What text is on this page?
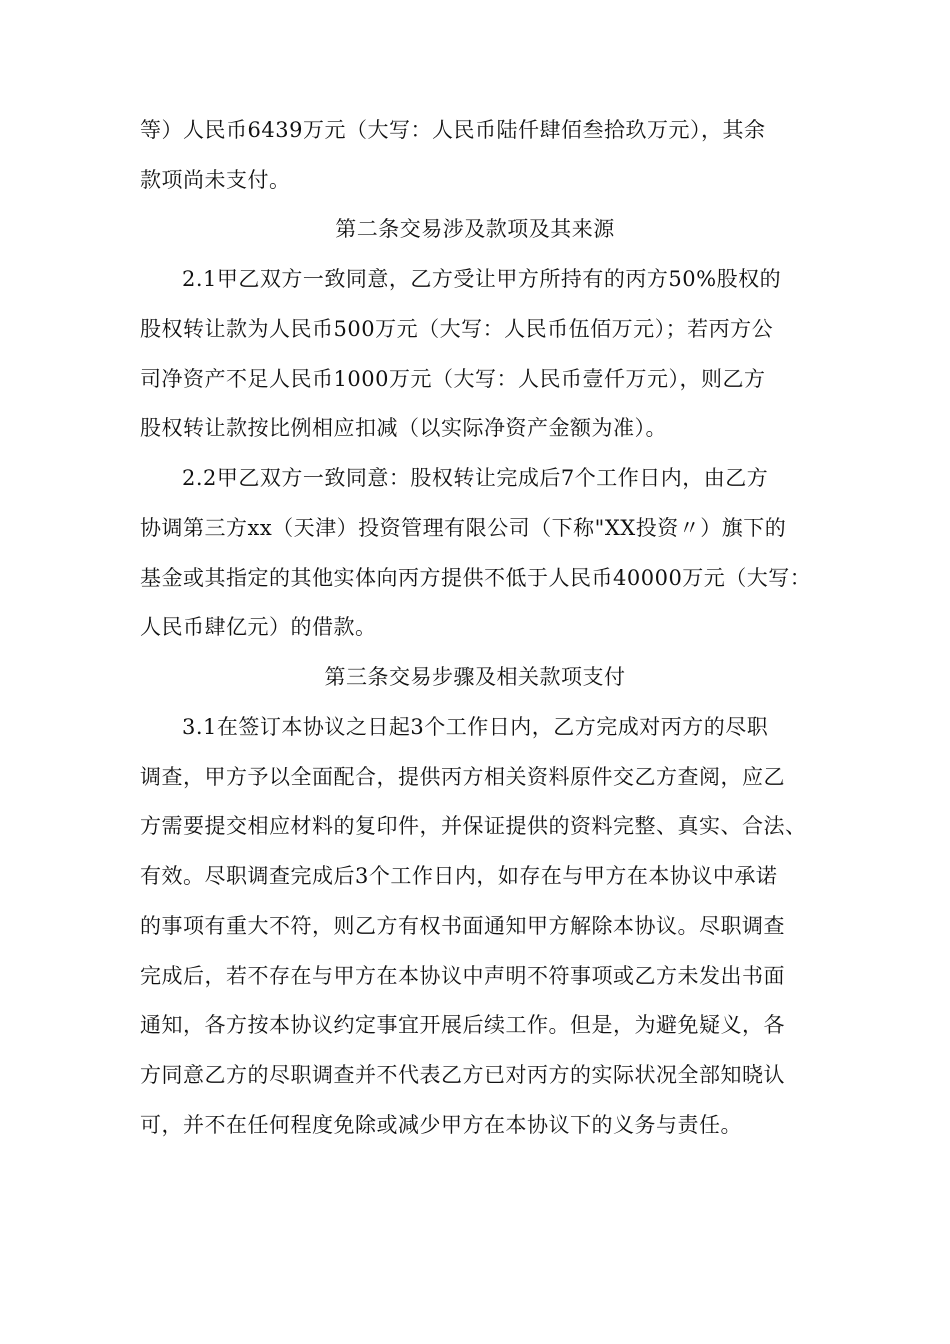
等）人民币6439万元（大写：人民币陆仟肆佰叁拾玖万元），其余
款项尚未支付。
第二条交易涉及款项及其来源
2.1甲乙双方一致同意，乙方受让甲方所持有的丙方50%股权的
股权转让款为人民币500万元（大写：人民币伍佰万元）；若丙方公
司净资产不足人民币1000万元（大写：人民币壹仟万元），则乙方
股权转让款按比例相应扣减（以实际净资产金额为准）。
2.2甲乙双方一致同意：股权转让完成后7个工作日内，由乙方
协调第三方xx（天津）投资管理有限公司（下称"XX投资〃）旗下的
基金或其指定的其他实体向丙方提供不低于人民币40000万元（大写：
人民币肆亿元）的借款。
第三条交易步骤及相关款项支付
3.1在签订本协议之日起3个工作日内，乙方完成对丙方的尽职
调查，甲方予以全面配合，提供丙方相关资料原件交乙方查阅，应乙
方需要提交相应材料的复印件，并保证提供的资料完整、真实、合法、
有效。尽职调查完成后3个工作日内，如存在与甲方在本协议中承诺
的事项有重大不符，则乙方有权书面通知甲方解除本协议。尽职调查
完成后，若不存在与甲方在本协议中声明不符事项或乙方未发出书面
通知，各方按本协议约定事宜开展后续工作。但是，为避免疑义，各
方同意乙方的尽职调查并不代表乙方已对丙方的实际状况全部知晓认
可，并不在任何程度免除或减少甲方在本协议下的义务与责任。
